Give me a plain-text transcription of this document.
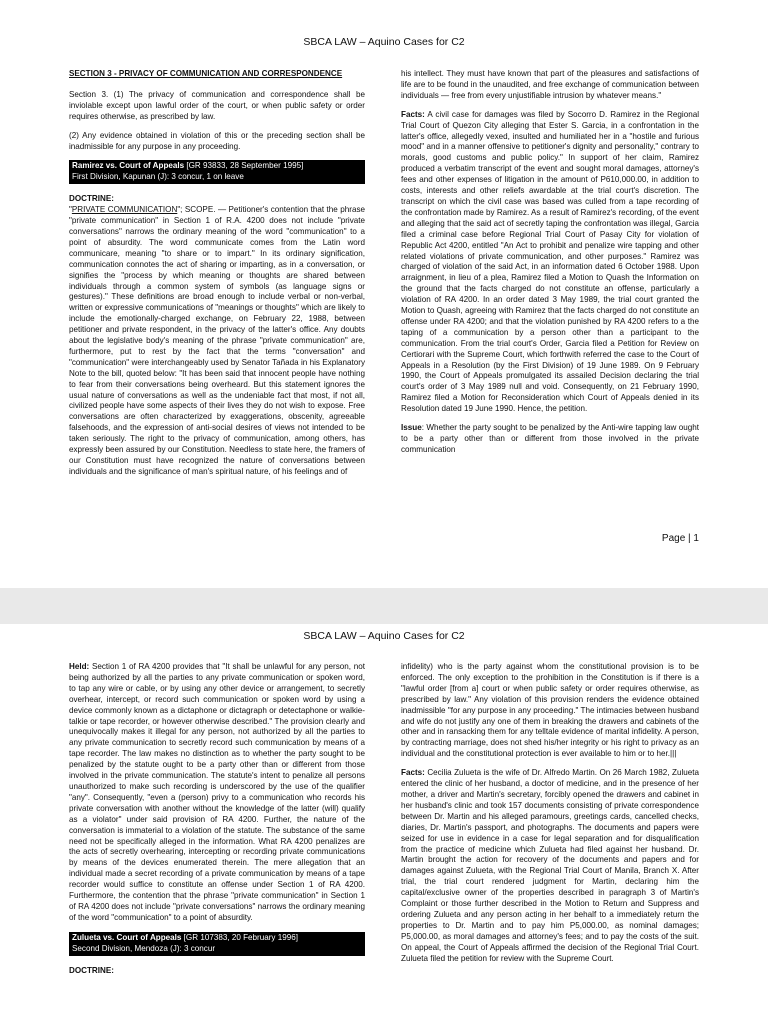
SBCA LAW – Aquino Cases for C2

SECTION 3 - PRIVACY OF COMMUNICATION AND CORRESPONDENCE

Section 3. (1) The privacy of communication and correspondence shall be inviolable except upon lawful order of the court, or when public safety or order requires otherwise, as prescribed by law.

(2) Any evidence obtained in violation of this or the preceding section shall be inadmissible for any purpose in any proceeding.

Ramirez vs. Court of Appeals [GR 93833, 28 September 1995]
First Division, Kapunan (J): 3 concur, 1 on leave

DOCTRINE:

"PRIVATE COMMUNICATION"; SCOPE. — Petitioner's contention that the phrase "private communication" in Section 1 of R.A. 4200 does not include "private conversations" narrows the ordinary meaning of the word "communication" to a point of absurdity. The word communicate comes from the Latin word communicare, meaning "to share or to impart." In its ordinary signification, communication connotes the act of sharing or imparting, as in a conversation, or signifies the "process by which meaning or thoughts are shared between individuals through a common system of symbols (as language signs or gestures)." These definitions are broad enough to include verbal or non-verbal, written or expressive communications of "meanings or thoughts" which are likely to include the emotionally-charged exchange, on February 22, 1988, between petitioner and private respondent, in the privacy of the latter's office. Any doubts about the legislative body's meaning of the phrase "private communication" are, furthermore, put to rest by the fact that the terms "conversation" and "communication" were interchangeably used by Senator Tañada in his Explanatory Note to the bill, quoted below: "It has been said that innocent people have nothing to fear from their conversations being overheard. But this statement ignores the usual nature of conversations as well as the undeniable fact that most, if not all, civilized people have some aspects of their lives they do not wish to expose. Free conversations are often characterized by exaggerations, obscenity, agreeable falsehoods, and the expression of anti-social desires of views not intended to be taken seriously. The right to the privacy of communication, among others, has expressly been assured by our Constitution. Needless to state here, the framers of our Constitution must have recognized the nature of conversations between individuals and the significance of man's spiritual nature, of his feelings and of

his intellect. They must have known that part of the pleasures and satisfactions of life are to be found in the unaudited, and free exchange of communication between individuals — free from every unjustifiable intrusion by whatever means."

Facts: A civil case for damages was filed by Socorro D. Ramirez in the Regional Trial Court of Quezon City alleging that Ester S. Garcia, in a confrontation in the latter's office, allegedly vexed, insulted and humiliated her in a "hostile and furious mood" and in a manner offensive to petitioner's dignity and personality," contrary to morals, good customs and public policy." In support of her claim, Ramirez produced a verbatim transcript of the event and sought moral damages, attorney's fees and other expenses of litigation in the amount of P610,000.00, in addition to costs, interests and other reliefs awardable at the trial court's discretion. The transcript on which the civil case was based was culled from a tape recording of the confrontation made by Ramirez. As a result of Ramirez's recording, of the event and alleging that the said act of secretly taping the confrontation was illegal, Garcia filed a criminal case before Regional Trial Court of Pasay City for violation of Republic Act 4200, entitled "An Act to prohibit and penalize wire tapping and other related violations of private communication, and other purposes." Ramirez was charged of violation of the said Act, in an information dated 6 October 1988. Upon arraignment, in lieu of a plea, Ramirez filed a Motion to Quash the Information on the ground that the facts charged do not constitute an offense, particularly a violation of RA 4200. In an order dated 3 May 1989, the trial court granted the Motion to Quash, agreeing with Ramirez that the facts charged do not constitute an offense under RA 4200; and that the violation punished by RA 4200 refers to a the taping of a communication by a person other than a participant to the communication. From the trial court's Order, Garcia filed a Petition for Review on Certiorari with the Supreme Court, which forthwith referred the case to the Court of Appeals in a Resolution (by the First Division) of 19 June 1989. On 9 February 1990, the Court of Appeals promulgated its assailed Decision declaring the trial court's order of 3 May 1989 null and void. Consequently, on 21 February 1990, Ramirez filed a Motion for Reconsideration which Court of Appeals denied in its Resolution dated 19 June 1990. Hence, the petition.

Issue: Whether the party sought to be penalized by the Anti-wire tapping law ought to be a party other than or different from those involved in the private communication

Page | 1
SBCA LAW – Aquino Cases for C2

Held: Section 1 of RA 4200 provides that "It shall be unlawful for any person, not being authorized by all the parties to any private communication or spoken word, to tap any wire or cable, or by using any other device or arrangement, to secretly overhear, intercept, or record such communication or spoken word by using a device commonly known as a dictaphone or dictagraph or detectaphone or walkie-talkie or tape recorder, or however otherwise described." The provision clearly and unequivocally makes it illegal for any person, not authorized by all the parties to any private communication to secretly record such communication by means of a tape recorder. The law makes no distinction as to whether the party sought to be penalized by the statute ought to be a party other than or different from those involved in the private communication. The statute's intent to penalize all persons unauthorized to make such recording is underscored by the use of the qualifier "any". Consequently, "even a (person) privy to a communication who records his private conversation with another without the knowledge of the latter (will) qualify as a violator" under said provision of RA 4200. Further, the nature of the conversation is immaterial to a violation of the statute. The substance of the same need not be specifically alleged in the information. What RA 4200 penalizes are the acts of secretly overhearing, intercepting or recording private communications by means of the devices enumerated therein. The mere allegation that an individual made a secret recording of a private communication by means of a tape recorder would suffice to constitute an offense under Section 1 of RA 4200. Furthermore, the contention that the phrase "private communication" in Section 1 of RA 4200 does not include "private conversations" narrows the ordinary meaning of the word "communication" to a point of absurdity.

Zulueta vs. Court of Appeals [GR 107383, 20 February 1996]
Second Division, Mendoza (J): 3 concur

DOCTRINE:

infidelity) who is the party against whom the constitutional provision is to be enforced. The only exception to the prohibition in the Constitution is if there is a "lawful order [from a] court or when public safety or order requires otherwise, as prescribed by law." Any violation of this provision renders the evidence obtained inadmissible "for any purpose in any proceeding." The intimacies between husband and wife do not justify any one of them in breaking the drawers and cabinets of the other and in ransacking them for any telltale evidence of marital infidelity. A person, by contracting marriage, does not shed his/her integrity or his right to privacy as an individual and the constitutional protection is ever available to him or to her.|||

Facts: Cecilia Zulueta is the wife of Dr. Alfredo Martin. On 26 March 1982, Zulueta entered the clinic of her husband, a doctor of medicine, and in the presence of her mother, a driver and Martin's secretary, forcibly opened the drawers and cabinet in her husband's clinic and took 157 documents consisting of private correspondence between Dr. Martin and his alleged paramours, greetings cards, cancelled checks, diaries, Dr. Martin's passport, and photographs. The documents and papers were seized for use in evidence in a case for legal separation and for disqualification from the practice of medicine which Zulueta had filed against her husband. Dr. Martin brought the action for recovery of the documents and papers and for damages against Zulueta, with the Regional Trial Court of Manila, Branch X. After trial, the trial court rendered judgment for Martin, declaring him the capital/exclusive owner of the properties described in paragraph 3 of Martin's Complaint or those further described in the Motion to Return and Suppress and ordering Zulueta and any person acting in her behalf to a immediately return the properties to Dr. Martin and to pay him P5,000.00, as nominal damages; P5,000.00, as moral damages and attorney's fees; and to pay the costs of the suit. On appeal, the Court of Appeals affirmed the decision of the Regional Trial Court. Zulueta filed the petition for review with the Supreme Court.
